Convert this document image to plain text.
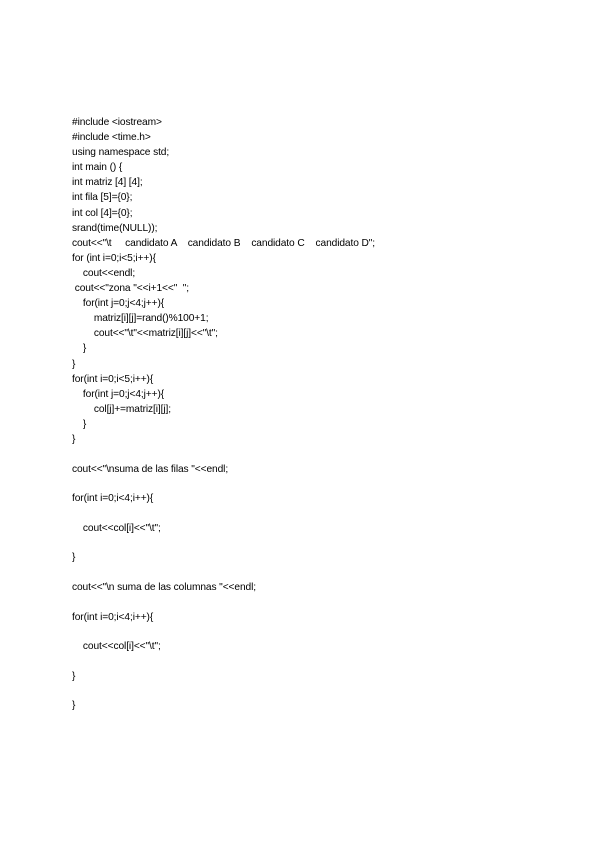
#include <iostream>
#include <time.h>
using namespace std;
int main () {
int matriz [4] [4];
int fila [5]={0};
int col [4]={0};
srand(time(NULL));
cout<<"\t     candidato A    candidato B    candidato C    candidato D";
for (int i=0;i<5;i++){
cout<<endl;
cout<<"zona "<<i+1<<"  ";
for(int j=0;j<4;j++){
matriz[i][j]=rand()%100+1;
cout<<"\t"<<matriz[i][j]<<"\t";
}
}
for(int i=0;i<5;i++){
for(int j=0;j<4;j++){
col[j]+=matriz[i][j];
}
}
cout<<"\nsuma de las filas "<<endl;
for(int i=0;i<4;i++){
cout<<col[i]<<"\t";
}
cout<<"\n suma de las columnas "<<endl;
for(int i=0;i<4;i++){
cout<<col[i]<<"\t";
}
}
